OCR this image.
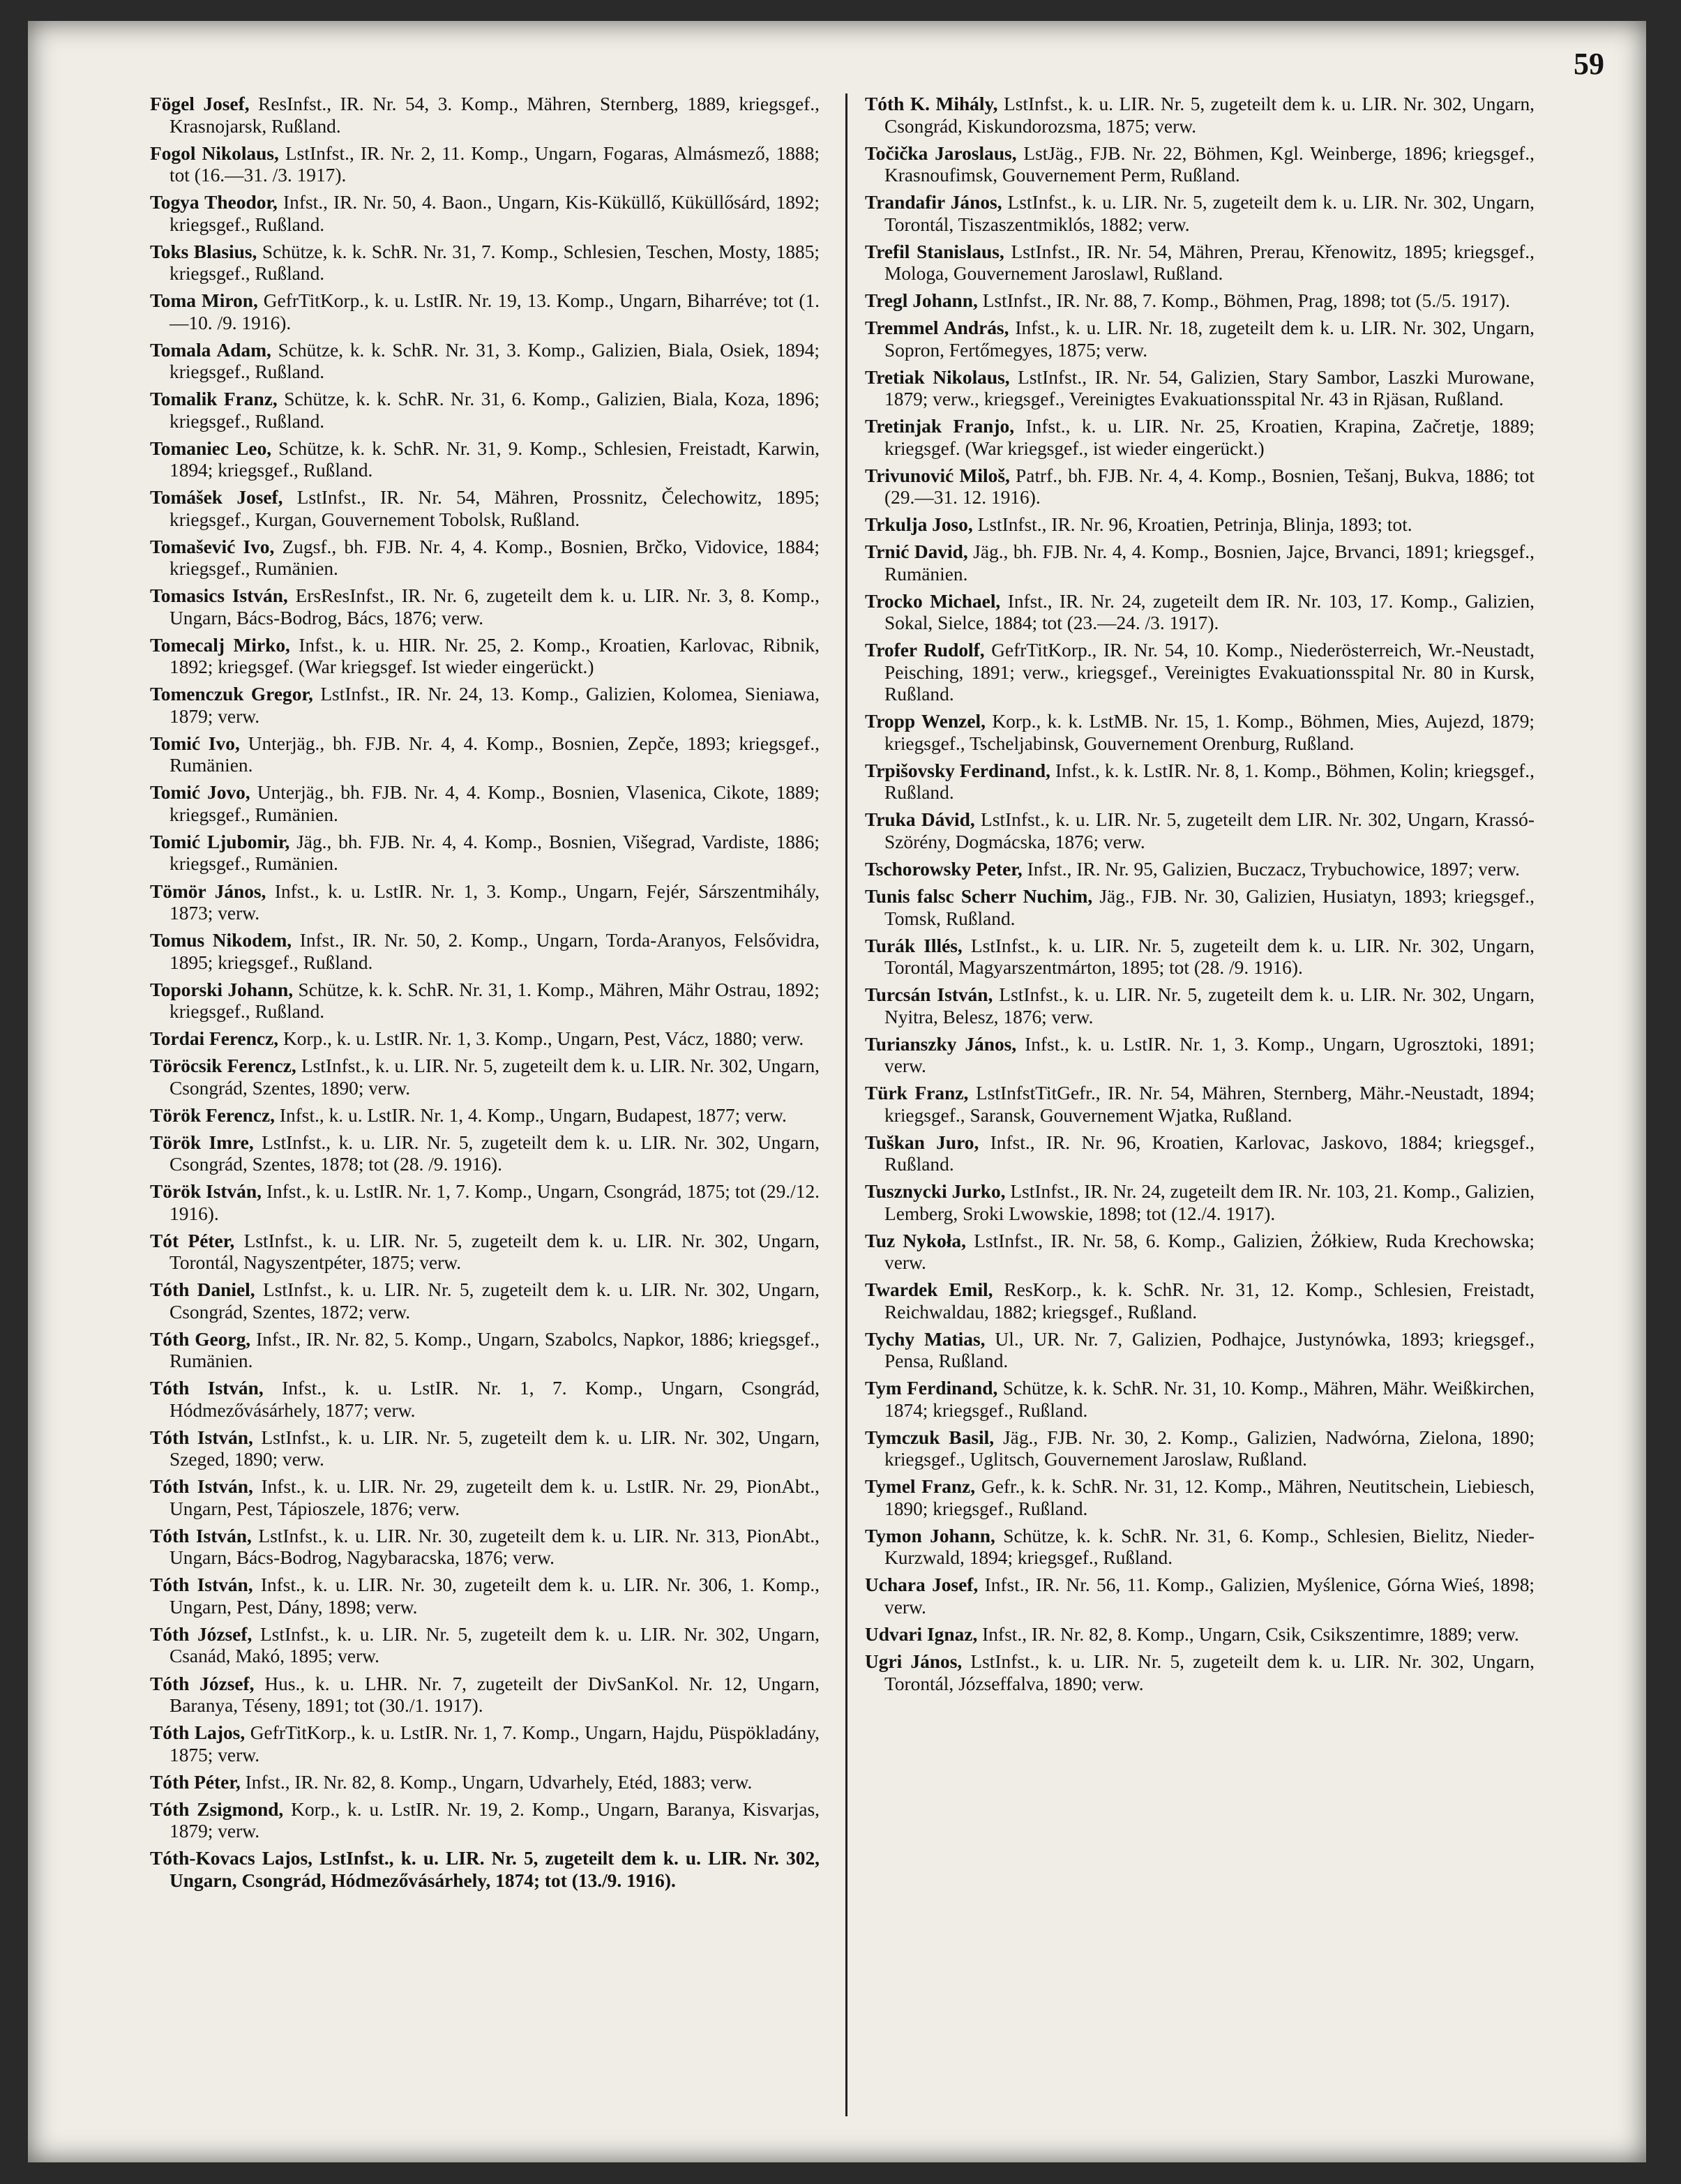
59

Fögel Josef, ResInfst., IR. Nr. 54, 3. Komp., Mähren, Sternberg, 1889, kriegsgef., Krasnojarsk, Rußland.

Fogol Nikolaus, LstInfst., IR. Nr. 2, 11. Komp., Ungarn, Fogaras, Almásmező, 1888; tot (16.—31. /3. 1917).

Togya Theodor, Infst., IR. Nr. 50, 4. Baon., Ungarn, Kis-Küküllő, Küküllősárd, 1892; kriegsgef., Rußland.

Toks Blasius, Schütze, k. k. SchR. Nr. 31, 7. Komp., Schlesien, Teschen, Mosty, 1885; kriegsgef., Rußland.

Toma Miron, GefrTitKorp., k. u. LstIR. Nr. 19, 13. Komp., Ungarn, Biharréve; tot (1.—10. /9. 1916).

Tomala Adam, Schütze, k. k. SchR. Nr. 31, 3. Komp., Galizien, Biala, Osiek, 1894; kriegsgef., Rußland.

Tomalik Franz, Schütze, k. k. SchR. Nr. 31, 6. Komp., Galizien, Biala, Koza, 1896; kriegsgef., Rußland.

Tomaniec Leo, Schütze, k. k. SchR. Nr. 31, 9. Komp., Schlesien, Freistadt, Karwin, 1894; kriegsgef., Rußland.

Tomášek Josef, LstInfst., IR. Nr. 54, Mähren, Prossnitz, Čelechowitz, 1895; kriegsgef., Kurgan, Gouvernement Tobolsk, Rußland.

Tomašević Ivo, Zugsf., bh. FJB. Nr. 4, 4. Komp., Bosnien, Brčko, Vidovice, 1884; kriegsgef., Rumänien.

Tomasics István, ErsResInfst., IR. Nr. 6, zugeteilt dem k. u. LIR. Nr. 3, 8. Komp., Ungarn, Bács-Bodrog, Bács, 1876; verw.

Tomecalj Mirko, Infst., k. u. HIR. Nr. 25, 2. Komp., Kroatien, Karlovac, Ribnik, 1892; kriegsgef. (War kriegsgef. Ist wieder eingerückt.)

Tomenczuk Gregor, LstInfst., IR. Nr. 24, 13. Komp., Galizien, Kolomea, Sieniawa, 1879; verw.

Tomić Ivo, Unterjäg., bh. FJB. Nr. 4, 4. Komp., Bosnien, Zepče, 1893; kriegsgef., Rumänien.

Tomić Jovo, Unterjäg., bh. FJB. Nr. 4, 4. Komp., Bosnien, Vlasenica, Cikote, 1889; kriegsgef., Rumänien.

Tomić Ljubomir, Jäg., bh. FJB. Nr. 4, 4. Komp., Bosnien, Višegrad, Vardiste, 1886; kriegsgef., Rumänien.

Tömör János, Infst., k. u. LstIR. Nr. 1, 3. Komp., Ungarn, Fejér, Sárszentmihály, 1873; verw.

Tomus Nikodem, Infst., IR. Nr. 50, 2. Komp., Ungarn, Torda-Aranyos, Felsővidra, 1895; kriegsgef., Rußland.

Toporski Johann, Schütze, k. k. SchR. Nr. 31, 1. Komp., Mähren, Mähr Ostrau, 1892; kriegsgef., Rußland.

Tordai Ferencz, Korp., k. u. LstIR. Nr. 1, 3. Komp., Ungarn, Pest, Vácz, 1880; verw.

Töröcsik Ferencz, LstInfst., k. u. LIR. Nr. 5, zugeteilt dem k. u. LIR. Nr. 302, Ungarn, Csongrád, Szentes, 1890; verw.

Török Ferencz, Infst., k. u. LstIR. Nr. 1, 4. Komp., Ungarn, Budapest, 1877; verw.

Török Imre, LstInfst., k. u. LIR. Nr. 5, zugeteilt dem k. u. LIR. Nr. 302, Ungarn, Csongrád, Szentes, 1878; tot (28. /9. 1916).

Török István, Infst., k. u. LstIR. Nr. 1, 7. Komp., Ungarn, Csongrád, 1875; tot (29./12. 1916).

Tót Péter, LstInfst., k. u. LIR. Nr. 5, zugeteilt dem k. u. LIR. Nr. 302, Ungarn, Torontál, Nagyszentpéter, 1875; verw.

Tóth Daniel, LstInfst., k. u. LIR. Nr. 5, zugeteilt dem k. u. LIR. Nr. 302, Ungarn, Csongrád, Szentes, 1872; verw.

Tóth Georg, Infst., IR. Nr. 82, 5. Komp., Ungarn, Szabolcs, Napkor, 1886; kriegsgef., Rumänien.

Tóth István, Infst., k. u. LstIR. Nr. 1, 7. Komp., Ungarn, Csongrád, Hódmezővásárhely, 1877; verw.

Tóth István, LstInfst., k. u. LIR. Nr. 5, zugeteilt dem k. u. LIR. Nr. 302, Ungarn, Szeged, 1890; verw.

Tóth István, Infst., k. u. LIR. Nr. 29, zugeteilt dem k. u. LstIR. Nr. 29, PionAbt., Ungarn, Pest, Tápioszele, 1876; verw.

Tóth István, LstInfst., k. u. LIR. Nr. 30, zugeteilt dem k. u. LIR. Nr. 313, PionAbt., Ungarn, Bács-Bodrog, Nagybaracska, 1876; verw.

Tóth István, Infst., k. u. LIR. Nr. 30, zugeteilt dem k. u. LIR. Nr. 306, 1. Komp., Ungarn, Pest, Dány, 1898; verw.

Tóth József, LstInfst., k. u. LIR. Nr. 5, zugeteilt dem k. u. LIR. Nr. 302, Ungarn, Csanád, Makó, 1895; verw.

Tóth József, Hus., k. u. LHR. Nr. 7, zugeteilt der DivSanKol. Nr. 12, Ungarn, Baranya, Téseny, 1891; tot (30./1. 1917).

Tóth Lajos, GefrTitKorp., k. u. LstIR. Nr. 1, 7. Komp., Ungarn, Hajdu, Püspökladány, 1875; verw.

Tóth Péter, Infst., IR. Nr. 82, 8. Komp., Ungarn, Udvarhely, Etéd, 1883; verw.

Tóth Zsigmond, Korp., k. u. LstIR. Nr. 19, 2. Komp., Ungarn, Baranya, Kisvarjas, 1879; verw.

Tóth-Kovacs Lajos, LstInfst., k. u. LIR. Nr. 5, zugeteilt dem k. u. LIR. Nr. 302, Ungarn, Csongrád, Hódmezővásárhely, 1874; tot (13./9. 1916).

Tóth K. Mihály, LstInfst., k. u. LIR. Nr. 5, zugeteilt dem k. u. LIR. Nr. 302, Ungarn, Csongrád, Kiskundorozsma, 1875; verw.

Točička Jaroslaus, LstJäg., FJB. Nr. 22, Böhmen, Kgl. Weinberge, 1896; kriegsgef., Krasnoufimsk, Gouvernement Perm, Rußland.

Trandafir János, LstInfst., k. u. LIR. Nr. 5, zugeteilt dem k. u. LIR. Nr. 302, Ungarn, Torontál, Tiszaszentmiklós, 1882; verw.

Trefil Stanislaus, LstInfst., IR. Nr. 54, Mähren, Prerau, Křenowitz, 1895; kriegsgef., Mologa, Gouvernement Jaroslawl, Rußland.

Tregl Johann, LstInfst., IR. Nr. 88, 7. Komp., Böhmen, Prag, 1898; tot (5./5. 1917).

Tremmel András, Infst., k. u. LIR. Nr. 18, zugeteilt dem k. u. LIR. Nr. 302, Ungarn, Sopron, Fertőmegyes, 1875; verw.

Tretiak Nikolaus, LstInfst., IR. Nr. 54, Galizien, Stary Sambor, Laszki Murowane, 1879; verw., kriegsgef., Vereinigtes Evakuationsspital Nr. 43 in Rjäsan, Rußland.

Tretinjak Franjo, Infst., k. u. LIR. Nr. 25, Kroatien, Krapina, Začretje, 1889; kriegsgef. (War kriegsgef., ist wieder eingerückt.)

Trivunović Miloš, Patrf., bh. FJB. Nr. 4, 4. Komp., Bosnien, Tešanj, Bukva, 1886; tot (29.—31. 12. 1916).

Trkulja Joso, LstInfst., IR. Nr. 96, Kroatien, Petrinja, Blinja, 1893; tot.

Trnić David, Jäg., bh. FJB. Nr. 4, 4. Komp., Bosnien, Jajce, Brvanci, 1891; kriegsgef., Rumänien.

Trocko Michael, Infst., IR. Nr. 24, zugeteilt dem IR. Nr. 103, 17. Komp., Galizien, Sokal, Sielce, 1884; tot (23.—24. /3. 1917).

Trofer Rudolf, GefrTitKorp., IR. Nr. 54, 10. Komp., Niederösterreich, Wr.-Neustadt, Peisching, 1891; verw., kriegsgef., Vereinigtes Evakuationsspital Nr. 80 in Kursk, Rußland.

Tropp Wenzel, Korp., k. k. LstMB. Nr. 15, 1. Komp., Böhmen, Mies, Aujezd, 1879; kriegsgef., Tscheljabinsk, Gouvernement Orenburg, Rußland.

Trpišovsky Ferdinand, Infst., k. k. LstIR. Nr. 8, 1. Komp., Böhmen, Kolin; kriegsgef., Rußland.

Truka Dávid, LstInfst., k. u. LIR. Nr. 5, zugeteilt dem LIR. Nr. 302, Ungarn, Krassó-Szörény, Dogmácska, 1876; verw.

Tschorowsky Peter, Infst., IR. Nr. 95, Galizien, Buczacz, Trybuchowice, 1897; verw.

Tunis falsc Scherr Nuchim, Jäg., FJB. Nr. 30, Galizien, Husiatyn, 1893; kriegsgef., Tomsk, Rußland.

Turák Illés, LstInfst., k. u. LIR. Nr. 5, zugeteilt dem k. u. LIR. Nr. 302, Ungarn, Torontál, Magyarszentmárton, 1895; tot (28. /9. 1916).

Turcsán István, LstInfst., k. u. LIR. Nr. 5, zugeteilt dem k. u. LIR. Nr. 302, Ungarn, Nyitra, Belesz, 1876; verw.

Turianszky János, Infst., k. u. LstIR. Nr. 1, 3. Komp., Ungarn, Ugrosztoki, 1891; verw.

Türk Franz, LstInfstTitGefr., IR. Nr. 54, Mähren, Sternberg, Mähr.-Neustadt, 1894; kriegsgef., Saransk, Gouvernement Wjatka, Rußland.

Tuškan Juro, Infst., IR. Nr. 96, Kroatien, Karlovac, Jaskovo, 1884; kriegsgef., Rußland.

Tusznycki Jurko, LstInfst., IR. Nr. 24, zugeteilt dem IR. Nr. 103, 21. Komp., Galizien, Lemberg, Sroki Lwowskie, 1898; tot (12./4. 1917).

Tuz Nykoła, LstInfst., IR. Nr. 58, 6. Komp., Galizien, Żółkiew, Ruda Krechowska; verw.

Twardek Emil, ResKorp., k. k. SchR. Nr. 31, 12. Komp., Schlesien, Freistadt, Reichwaldau, 1882; kriegsgef., Rußland.

Tychy Matias, Ul., UR. Nr. 7, Galizien, Podhajce, Justynówka, 1893; kriegsgef., Pensa, Rußland.

Tym Ferdinand, Schütze, k. k. SchR. Nr. 31, 10. Komp., Mähren, Mähr. Weißkirchen, 1874; kriegsgef., Rußland.

Tymczuk Basil, Jäg., FJB. Nr. 30, 2. Komp., Galizien, Nadwórna, Zielona, 1890; kriegsgef., Uglitsch, Gouvernement Jaroslaw, Rußland.

Tymel Franz, Gefr., k. k. SchR. Nr. 31, 12. Komp., Mähren, Neutitschein, Liebiesch, 1890; kriegsgef., Rußland.

Tymon Johann, Schütze, k. k. SchR. Nr. 31, 6. Komp., Schlesien, Bielitz, Nieder-Kurzwald, 1894; kriegsgef., Rußland.

Uchara Josef, Infst., IR. Nr. 56, 11. Komp., Galizien, Myślenice, Górna Wieś, 1898; verw.

Udvari Ignaz, Infst., IR. Nr. 82, 8. Komp., Ungarn, Csik, Csikszentimre, 1889; verw.

Ugri János, LstInfst., k. u. LIR. Nr. 5, zugeteilt dem k. u. LIR. Nr. 302, Ungarn, Torontál, Józseffalva, 1890; verw.
